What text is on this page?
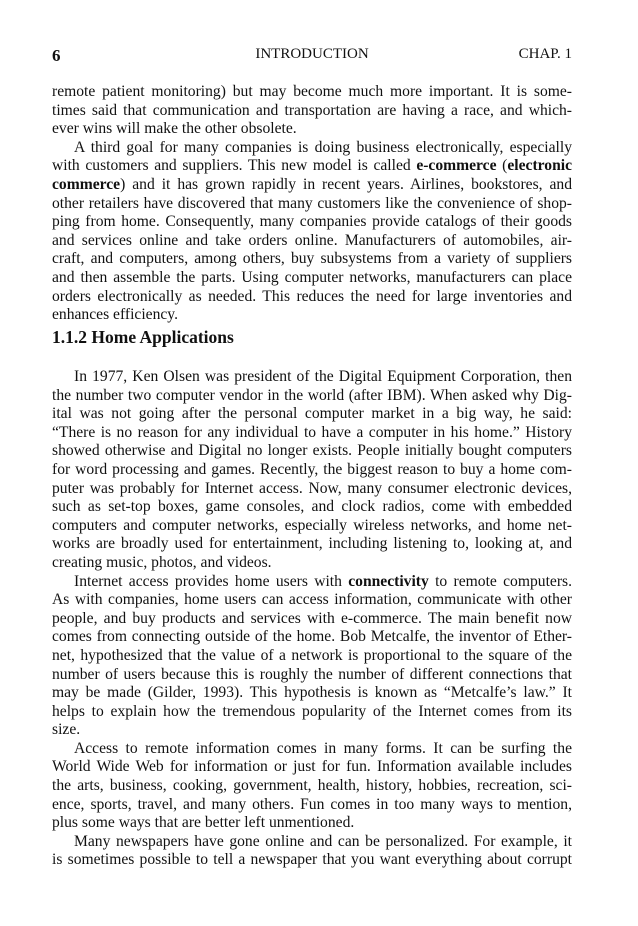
6	INTRODUCTION	CHAP. 1
remote patient monitoring) but may become much more important. It is some-
times said that communication and transportation are having a race, and which-
ever wins will make the other obsolete.
A third goal for many companies is doing business electronically, especially
with customers and suppliers. This new model is called e-commerce (electronic
commerce) and it has grown rapidly in recent years. Airlines, bookstores, and
other retailers have discovered that many customers like the convenience of shop-
ping from home. Consequently, many companies provide catalogs of their goods
and services online and take orders online. Manufacturers of automobiles, air-
craft, and computers, among others, buy subsystems from a variety of suppliers
and then assemble the parts. Using computer networks, manufacturers can place
orders electronically as needed. This reduces the need for large inventories and
enhances efficiency.
1.1.2 Home Applications
In 1977, Ken Olsen was president of the Digital Equipment Corporation, then
the number two computer vendor in the world (after IBM). When asked why Dig-
ital was not going after the personal computer market in a big way, he said:
“There is no reason for any individual to have a computer in his home.” History
showed otherwise and Digital no longer exists. People initially bought computers
for word processing and games. Recently, the biggest reason to buy a home com-
puter was probably for Internet access. Now, many consumer electronic devices,
such as set-top boxes, game consoles, and clock radios, come with embedded
computers and computer networks, especially wireless networks, and home net-
works are broadly used for entertainment, including listening to, looking at, and
creating music, photos, and videos.
Internet access provides home users with connectivity to remote computers.
As with companies, home users can access information, communicate with other
people, and buy products and services with e-commerce. The main benefit now
comes from connecting outside of the home. Bob Metcalfe, the inventor of Ether-
net, hypothesized that the value of a network is proportional to the square of the
number of users because this is roughly the number of different connections that
may be made (Gilder, 1993). This hypothesis is known as “Metcalfe’s law.” It
helps to explain how the tremendous popularity of the Internet comes from its
size.
Access to remote information comes in many forms. It can be surfing the
World Wide Web for information or just for fun. Information available includes
the arts, business, cooking, government, health, history, hobbies, recreation, sci-
ence, sports, travel, and many others. Fun comes in too many ways to mention,
plus some ways that are better left unmentioned.
Many newspapers have gone online and can be personalized. For example, it
is sometimes possible to tell a newspaper that you want everything about corrupt
